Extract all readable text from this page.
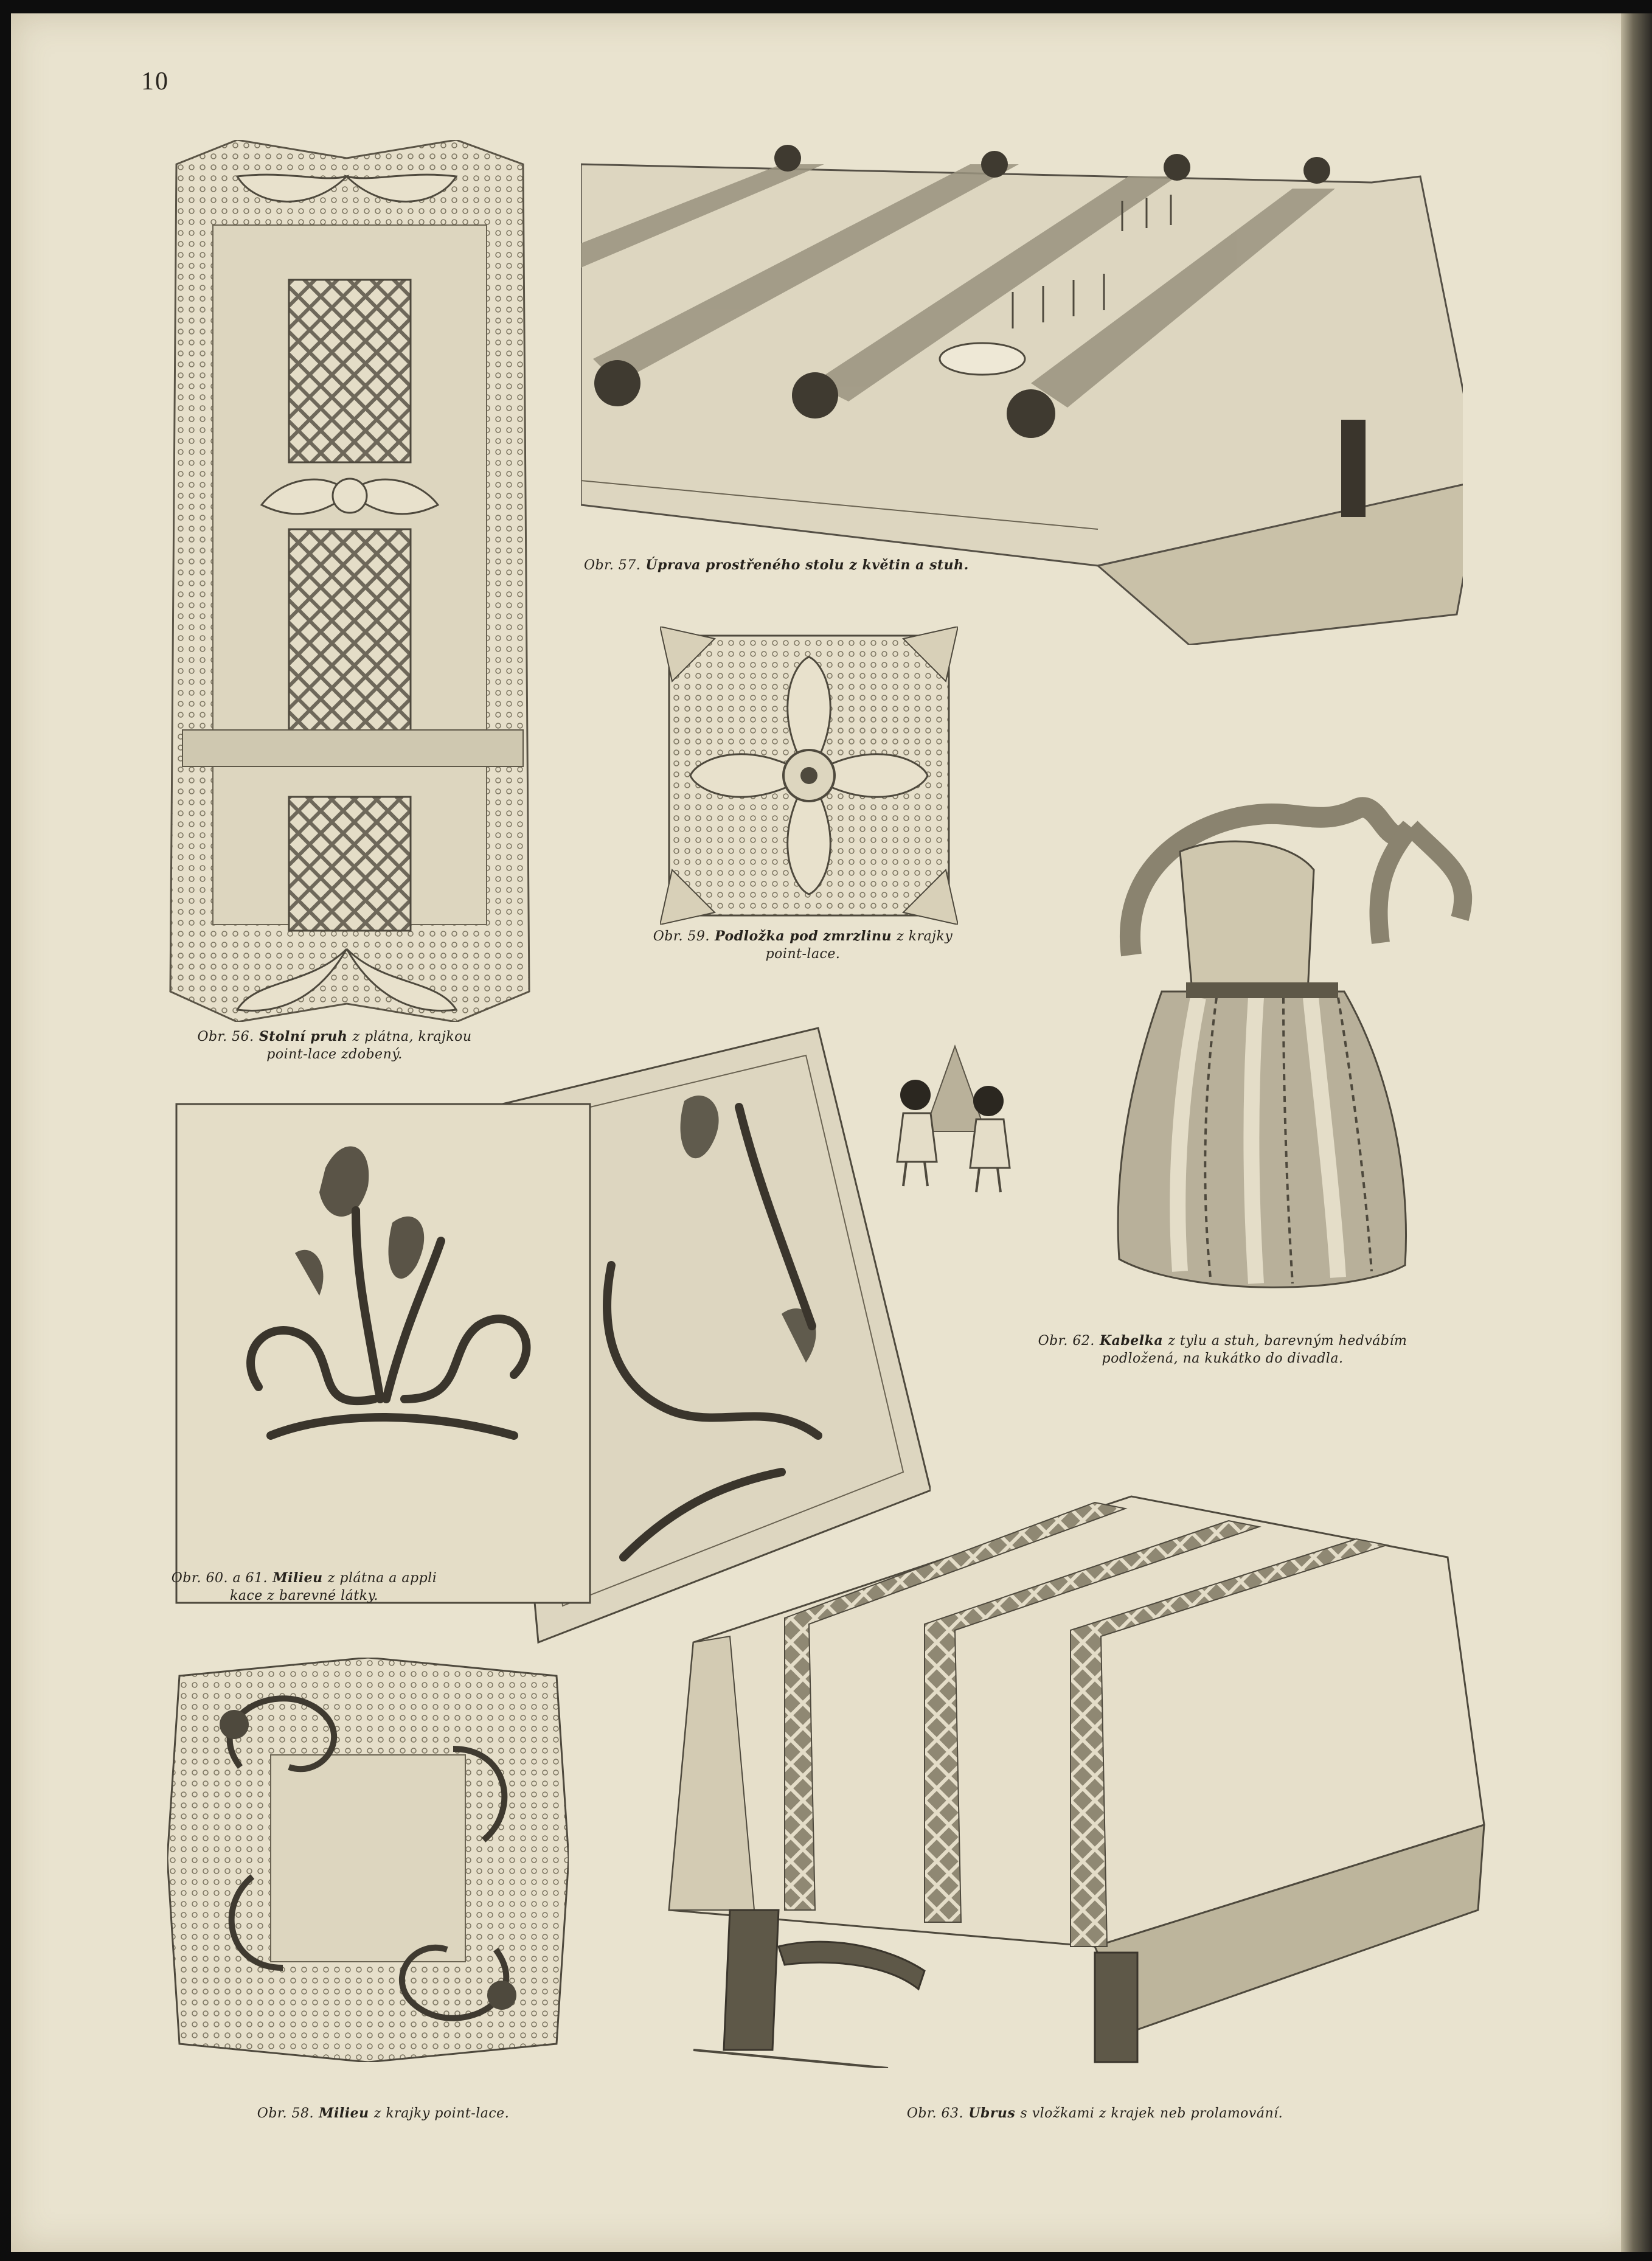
10
Obr. 56. Stolní pruh z plátna, krajkou
point-lace zdobený.
Obr. 57. Úprava prostřeného stolu z květin a stuh.
Obr. 59. Podložka pod zmrzlinu z krajky
point-lace.
Obr. 62. Kabelka z tylu a stuh, barevným hedvábím
podložená, na kukátko do divadla.
Obr. 60. a 61. Milieu z plátna a appli
kace z barevné látky.
Obr. 58. Milieu z krajky point-lace.	Obr. 63. Ubrus s vložkami z krajek neb prolamování.
